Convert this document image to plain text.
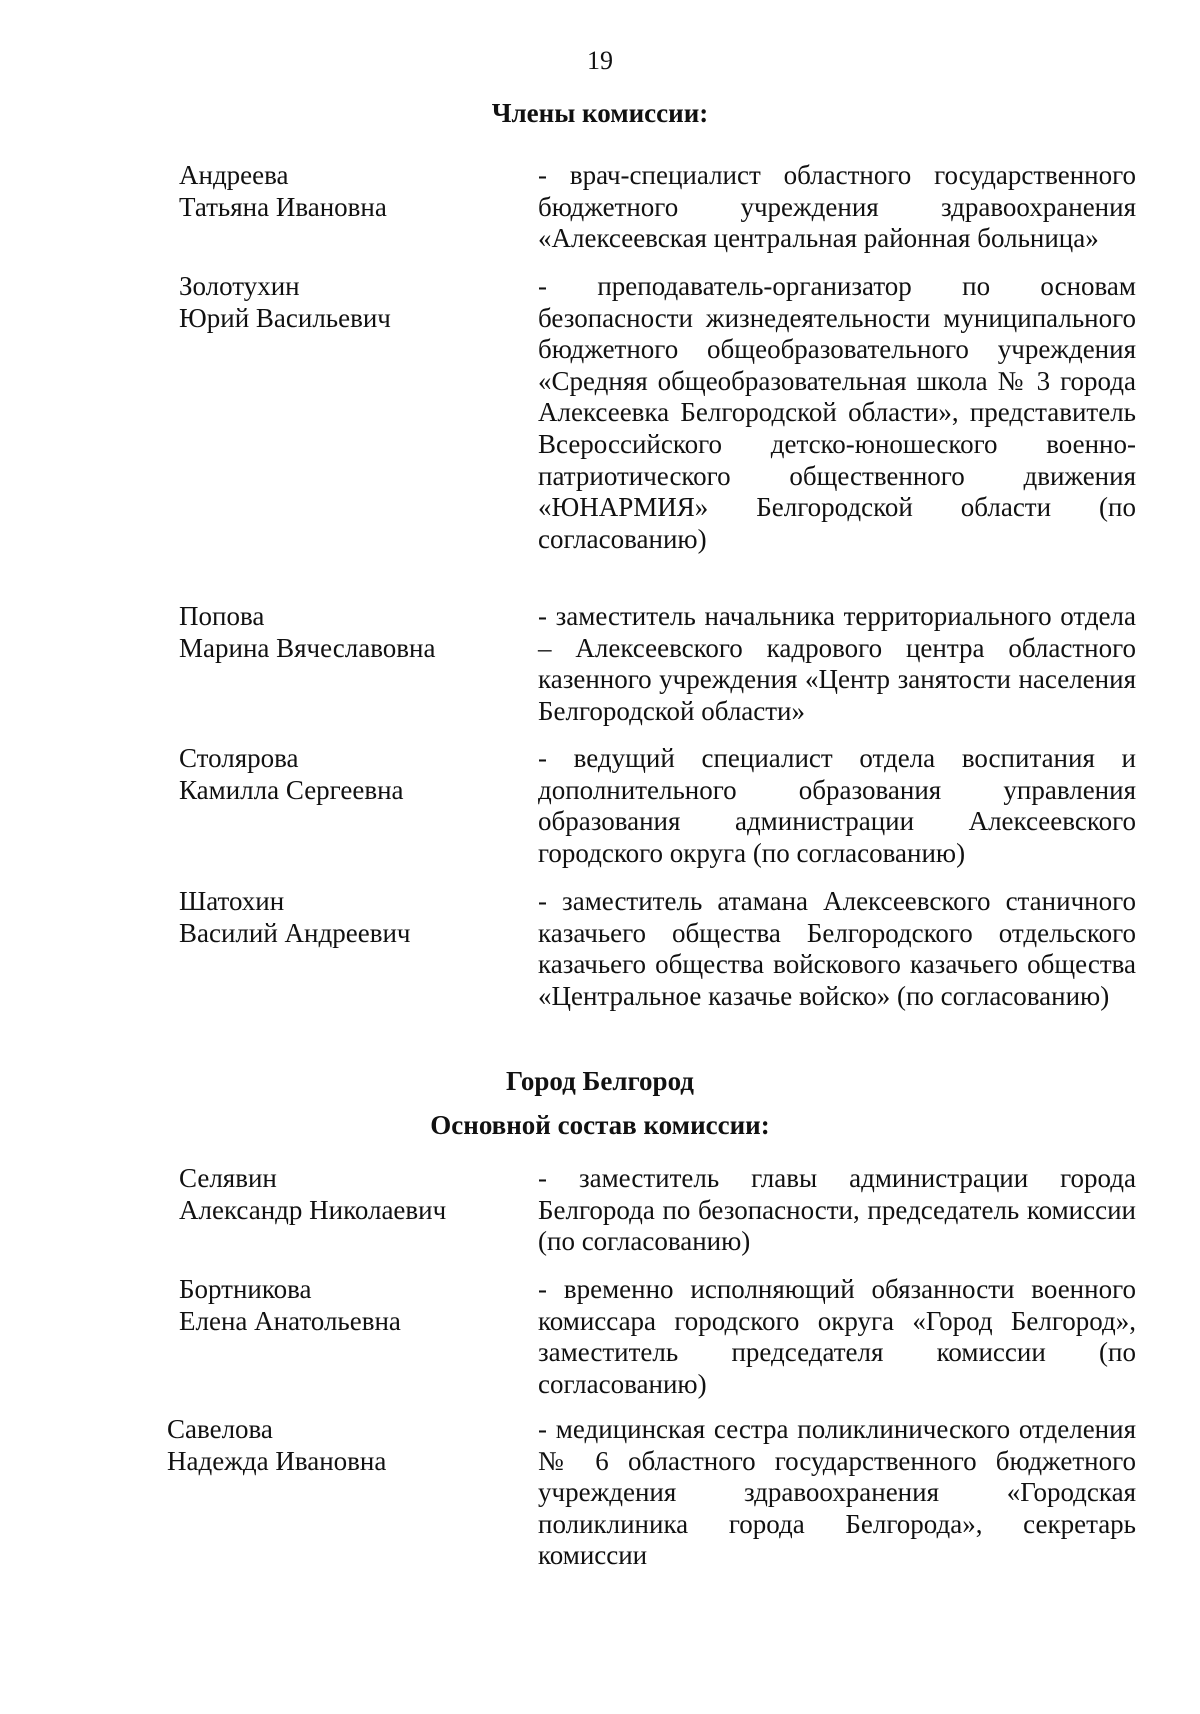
19
Члены комиссии:
Андреева
Татьяна Ивановна
- врач-специалист областного государственного бюджетного учреждения здравоохранения «Алексеевская центральная районная больница»
Золотухин
Юрий Васильевич
- преподаватель-организатор по основам безопасности жизнедеятельности муниципального бюджетного общеобразовательного учреждения «Средняя общеобразовательная школа № 3 города Алексеевка Белгородской области», представитель Всероссийского детско-юношеского военно-патриотического общественного движения «ЮНАРМИЯ» Белгородской области (по согласованию)
Попова
Марина Вячеславовна
- заместитель начальника территориального отдела – Алексеевского кадрового центра областного казенного учреждения «Центр занятости населения Белгородской области»
Столярова
Камилла Сергеевна
- ведущий специалист отдела воспитания и дополнительного образования управления образования администрации Алексеевского городского округа (по согласованию)
Шатохин
Василий Андреевич
- заместитель атамана Алексеевского станичного казачьего общества Белгородского отдельского казачьего общества войскового казачьего общества «Центральное казачье войско» (по согласованию)
Город Белгород
Основной состав комиссии:
Селявин
Александр Николаевич
- заместитель главы администрации города Белгорода по безопасности, председатель комиссии (по согласованию)
Бортникова
Елена Анатольевна
- временно исполняющий обязанности военного комиссара городского округа «Город Белгород», заместитель председателя комиссии (по согласованию)
Савелова
Надежда Ивановна
- медицинская сестра поликлинического отделения № 6 областного государственного бюджетного учреждения здравоохранения «Городская поликлиника города Белгорода», секретарь комиссии
